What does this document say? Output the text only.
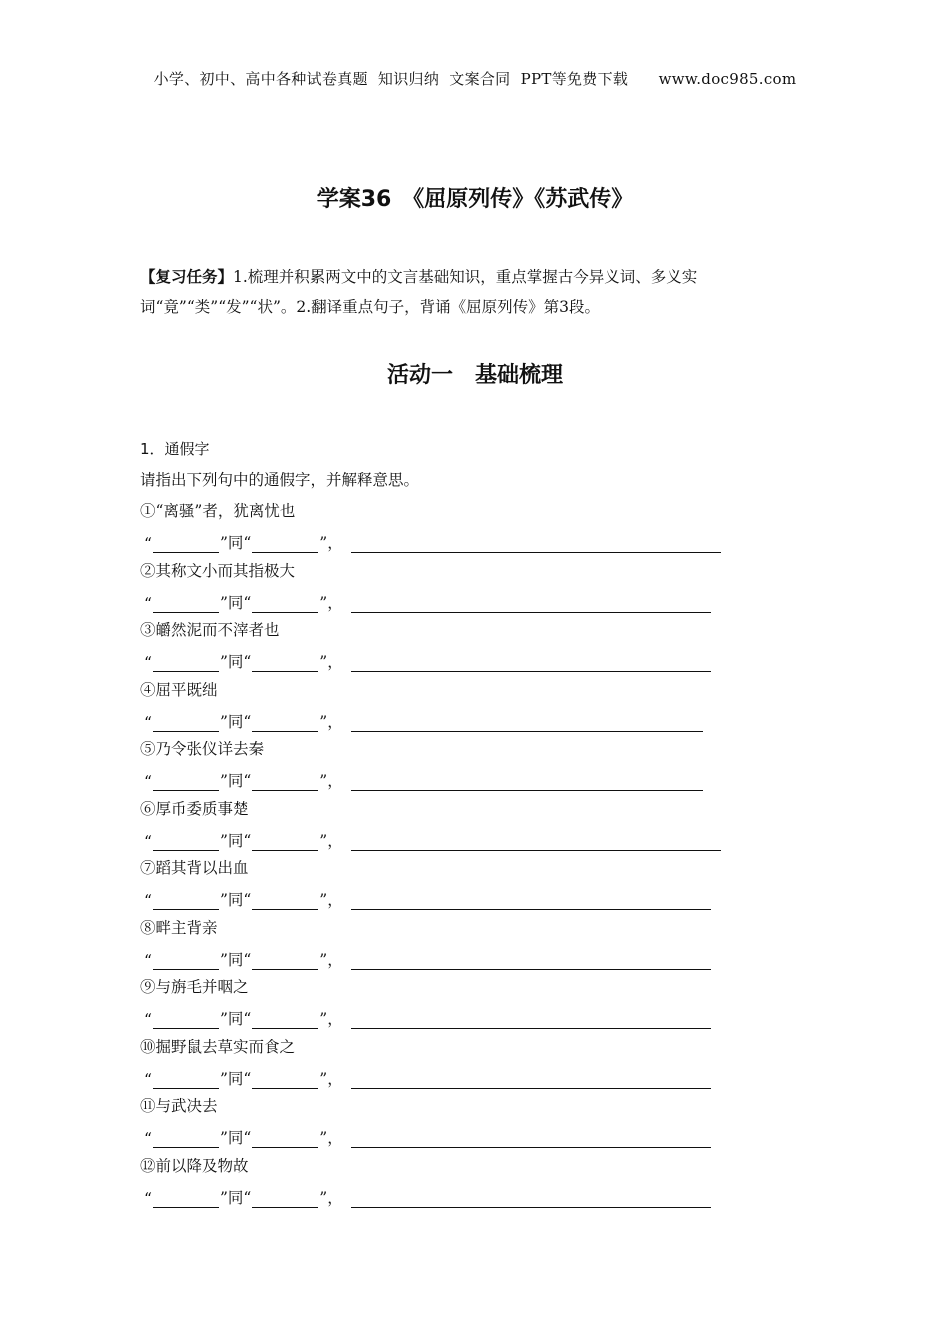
小学、初中、高中各种试卷真题  知识归纳  文案合同  PPT等免费下载      www.doc985.com
学案36　《屈原列传》《苏武传》
【复习任务】1.梳理并积累两文中的文言基础知识，重点掌握古今异义词、多义实词“竟”“类”“发”“状”。2.翻译重点句子，背诵《屈原列传》第3段。
活动一　基础梳理
1．通假字
请指出下列句中的通假字，并解释意思。
①“离骚”者，犹离忧也
“	”同“	”，
②其称文小而其指极大
“	”同“	”，
③皭然泥而不滓者也
“	”同“	”，
④屈平既绌
“	”同“	”，
⑤乃令张仪详去秦
“	”同“	”，
⑥厚币委质事楚
“	”同“	”，
⑦蹈其背以出血
“	”同“	”，
⑧畔主背亲
“	”同“	”，
⑨与旃毛并咽之
“	”同“	”，
⑩掘野鼠去草实而食之
“	”同“	”，
⑪与武决去
“	”同“	”，
⑫前以降及物故
“	”同“	”，
